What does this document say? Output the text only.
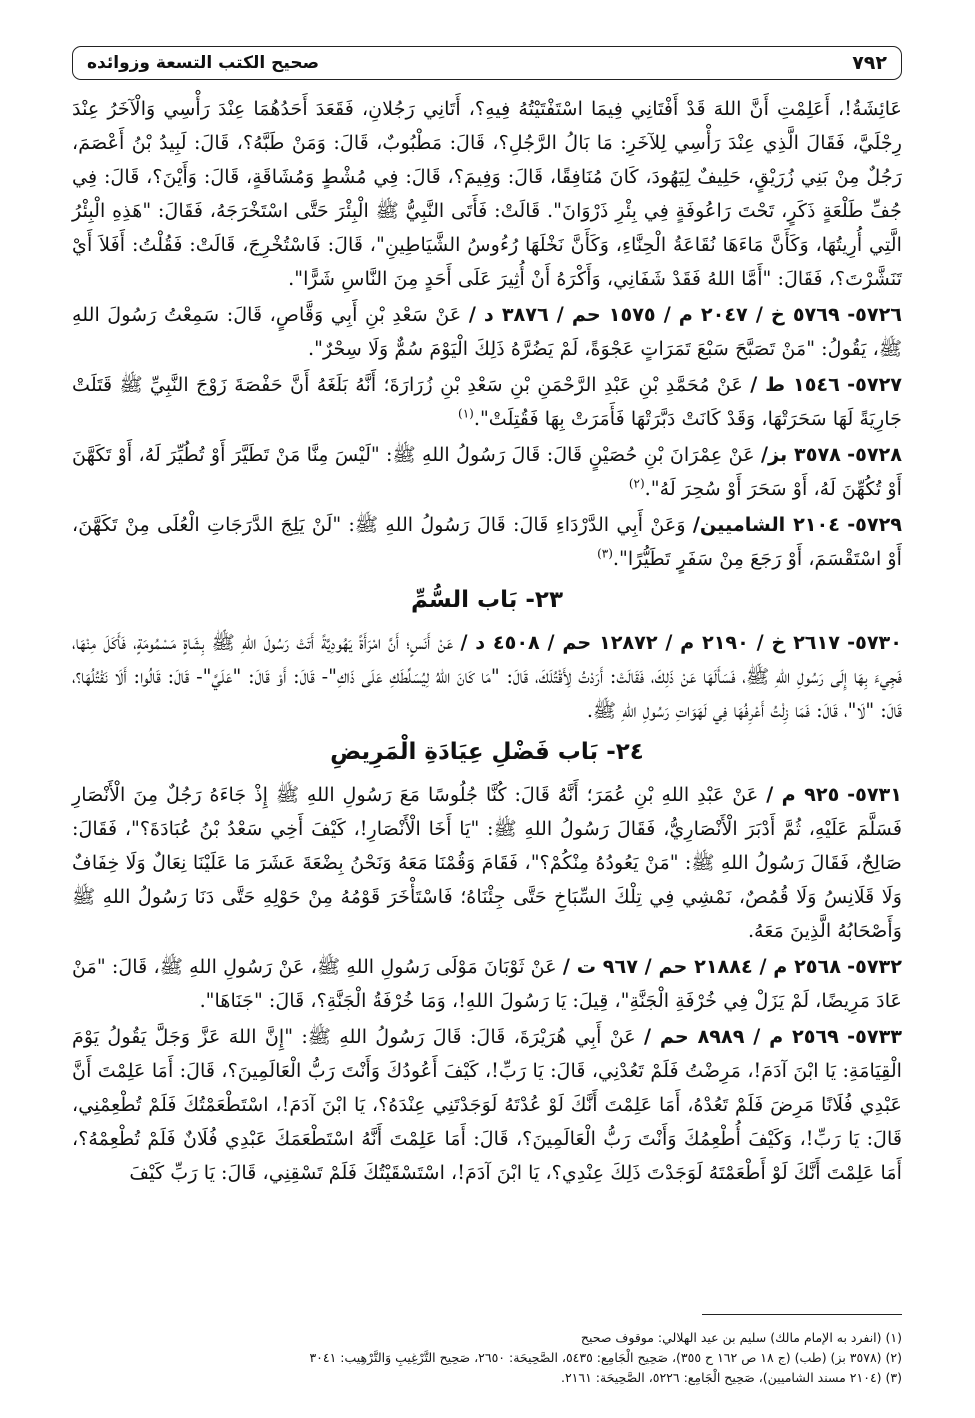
٧٩٢
صحيح الكتب التسعة وزوائده

عَائِشَةُ!، أَعَلِمْتِ أَنَّ اللهَ قَدْ أَفْتَانِي فِيمَا اسْتَفْتَيْتُهُ فِيهِ؟، أَتَانِي رَجُلانِ، فَقَعَدَ أَحَدُهُمَا عِنْدَ رَأْسِي وَالْآخَرُ عِنْدَ رِجْلَيَّ، فَقَالَ الَّذِي عِنْدَ رَأْسِي لِلآخَرِ: مَا بَالُ الرَّجُلِ؟، قَالَ: مَطْبُوبٌ، قَالَ: وَمَنْ طَبَّهُ؟، قَالَ: لَبِيدُ بْنُ أَعْصَمَ، رَجُلٌ مِنْ بَنِي زُرَيْقٍ، حَلِيفٌ لِيَهُودَ، كَانَ مُنَافِقًا، قَالَ: وَفِيمَ؟، قَالَ: فِي مُشْطٍ وَمُشَاقَةٍ، قَالَ: وَأَيْنَ؟، قَالَ: فِي جُفِّ طَلْعَةٍ ذَكَرٍ، تَحْتَ رَاعُوفَةٍ فِي بِئْرِ ذَرْوَانَ". قَالَتْ: فَأَتَى النَّبِيُّ ﷺ الْبِئْرَ حَتَّى اسْتَخْرَجَهُ، فَقَالَ: "هَذِهِ الْبِئْرُ الَّتِي أُرِيتُهَا، وَكَأَنَّ مَاءَهَا نُقَاعَةُ الْحِنَّاءِ، وَكَأَنَّ نَخْلَهَا رُءُوسُ الشَّيَاطِينِ"، قَالَ: فَاسْتُخْرِجَ، قَالَتْ: فَقُلْتُ: أَفَلاَ أَيْ تَنَشَّرْتَ؟، فَقَالَ: "أَمَّا اللهُ فَقَدْ شَفَانِي، وَأَكْرَهُ أَنْ أُثِيرَ عَلَى أَحَدٍ مِنَ النَّاسِ شَرًّا".

٥٧٢٦- ٥٧٦٩ خ / ٢٠٤٧ م / ١٥٧٥ حم / ٣٨٧٦ د / عَنْ سَعْدِ بْنِ أَبِي وَقَّاصٍ، قَالَ: سَمِعْتُ رَسُولَ اللهِ ﷺ، يَقُولُ: "مَنْ تَصَبَّحَ سَبْعَ تَمَرَاتٍ عَجْوَةً، لَمْ يَضُرَّهُ ذَلِكَ الْيَوْمَ سُمٌّ وَلَا سِحْرٌ".

٥٧٢٧- ١٥٤٦ ط / عَنْ مُحَمَّدِ بْنِ عَبْدِ الرَّحْمَنِ بْنِ سَعْدِ بْنِ زُرَارَةَ؛ أَنَّهُ بَلَغَهُ أَنَّ حَفْصَةَ زَوْجَ النَّبِيِّ ﷺ قَتَلَتْ جَارِيَةً لَهَا سَحَرَتْهَا، وَقَدْ كَانَتْ دَبَّرَتْهَا فَأَمَرَتْ بِهَا فَقُتِلَتْ".$^{(١)}$

٥٧٢٨- ٣٥٧٨ بز/ عَنْ عِمْرَانَ بْنِ حُصَيْنٍ قَالَ: قَالَ رَسُولُ اللهِ ﷺ: "لَيْسَ مِنَّا مَنْ تَطَيَّرَ أَوْ تُطُيِّرَ لَهُ، أَوْ تَكَهَّنَ أَوْ تُكُهِّنَ لَهُ، أَوْ سَحَرَ أَوْ سُحِرَ لَهُ".$^{(٢)}$

٥٧٢٩- ٢١٠٤ الشاميين/ وَعَنْ أَبِي الدَّرْدَاءِ قَالَ: قَالَ رَسُولُ اللهِ ﷺ: "لَنْ يَلِجَ الدَّرَجَاتِ الْعُلَى مِنْ تَكَهَّنَ، أَوْ اسْتَقْسَمَ، أَوْ رَجَعَ مِنْ سَفَرٍ تَطَيُّرًا".$^{(٣)}$

٢٣- بَاب السُّمِّ

٥٧٣٠- ٢٦١٧ خ / ٢١٩٠ م / ١٢٨٧٢ حم / ٤٥٠٨ د / عَنْ أَنَسٍ؛ أَنَّ امْرَأَةً يَهُودِيَّةً أَتَتْ رَسُولَ اللهِ ﷺ بِشَاةٍ مَسْمُومَةٍ، فَأَكَلَ مِنْهَا، فَجِيءَ بِهَا إِلَى رَسُولِ اللهِ ﷺ، فَسَأَلَهَا عَنْ ذَلِكَ، فَقَالَتْ: أَرَدْتُ لِأَقْتُلَكَ، قَالَ: "مَا كَانَ اللهُ لِيُسَلِّطَكِ عَلَى ذَاكِ"- قَالَ: أَوْ قَالَ: "عَلَيَّ"- قَالَ: قَالُوا: أَلَا نَقْتُلُهَا؟، قَالَ: "لَا"، قَالَ: فَمَا زِلْتُ أَعْرِفُهَا فِي لَهَوَاتِ رَسُولِ اللهِ ﷺ.

٢٤- بَاب فَضْلِ عِيَادَةِ الْمَرِيضِ

٥٧٣١- ٩٢٥ م / عَنْ عَبْدِ اللهِ بْنِ عُمَرَ؛ أَنَّهُ قَالَ: كُنَّا جُلُوسًا مَعَ رَسُولِ اللهِ ﷺ إِذْ جَاءَهُ رَجُلٌ مِنَ الْأَنْصَارِ فَسَلَّمَ عَلَيْهِ، ثُمَّ أَدْبَرَ الْأَنْصَارِيُّ، فَقَالَ رَسُولُ اللهِ ﷺ: "يَا أَخَا الْأَنْصَارِ!، كَيْفَ أَخِي سَعْدُ بْنُ عُبَادَةَ؟"، فَقَالَ: صَالِحٌ، فَقَالَ رَسُولُ اللهِ ﷺ: "مَنْ يَعُودُهُ مِنْكُمْ؟"، فَقَامَ وَقُمْنَا مَعَهُ وَنَحْنُ بِضْعَةَ عَشَرَ مَا عَلَيْنَا نِعَالٌ وَلَا خِفَافٌ وَلَا قَلَانِسُ وَلَا قُمُصٌ، نَمْشِي فِي تِلْكَ السِّبَاخِ حَتَّى جِئْنَاهُ؛ فَاسْتَأْخَرَ قَوْمُهُ مِنْ حَوْلِهِ حَتَّى دَنَا رَسُولُ اللهِ ﷺ وَأَصْحَابُهُ الَّذِينَ مَعَهُ.

٥٧٣٢- ٢٥٦٨ م / ٢١٨٨٤ حم / ٩٦٧ ت / عَنْ ثَوْبَانَ مَوْلَى رَسُولِ اللهِ ﷺ، عَنْ رَسُولِ اللهِ ﷺ، قَالَ: "مَنْ عَادَ مَرِيضًا، لَمْ يَزَلْ فِي خُرْفَةِ الْجَنَّةِ"، قِيلَ: يَا رَسُولَ اللهِ!، وَمَا خُرْفَةُ الْجَنَّةِ؟، قَالَ: "جَنَاهَا".

٥٧٣٣- ٢٥٦٩ م / ٨٩٨٩ حم / عَنْ أَبِي هُرَيْرَةَ، قَالَ: قَالَ رَسُولُ اللهِ ﷺ: "إِنَّ اللهَ عَزَّ وَجَلَّ يَقُولُ يَوْمَ الْقِيَامَةِ: يَا ابْنَ آدَمَ!، مَرِضْتُ فَلَمْ تَعُدْنِي، قَالَ: يَا رَبِّ!، كَيْفَ أَعُودُكَ وَأَنْتَ رَبُّ الْعَالَمِينَ؟، قَالَ: أَمَا عَلِمْتَ أَنَّ عَبْدِي فُلَانًا مَرِضَ فَلَمْ تَعُدْهُ، أَمَا عَلِمْتَ أَنَّكَ لَوْ عُدْتَهُ لَوَجَدْتَنِي عِنْدَهُ؟، يَا ابْنَ آدَمَ!، اسْتَطْعَمْتُكَ فَلَمْ تُطْعِمْنِي، قَالَ: يَا رَبِّ!، وَكَيْفَ أُطْعِمُكَ وَأَنْتَ رَبُّ الْعَالَمِينَ؟، قَالَ: أَمَا عَلِمْتَ أَنَّهُ اسْتَطْعَمَكَ عَبْدِي فُلَانٌ فَلَمْ تُطْعِمْهُ؟، أَمَا عَلِمْتَ أَنَّكَ لَوْ أَطْعَمْتَهُ لَوَجَدْتَ ذَلِكَ عِنْدِي؟، يَا ابْنَ آدَمَ!، اسْتَسْقَيْتُكَ فَلَمْ تَسْقِنِي، قَالَ: يَا رَبِّ كَيْفَ

(١) (انفرد به الإمام مالك) سليم بن عيد الهلالي: موقوف صحيح

(٢) (٣٥٧٨ بز) (طب) (ج ١٨ ص ١٦٢ ح ٣٥٥)، صَحِيح الْجَامِع: ٥٤٣٥، الصَّحِيحَة: ٢٦٥٠، صَحِيح التَّرْغِيبِ وَالتَّرْهِيب: ٣٠٤١

(٣) (٢١٠٤ مسند الشاميين)، صَحِيح الْجَامِع: ٥٢٢٦، الصَّحِيحَة: ٢١٦١.
